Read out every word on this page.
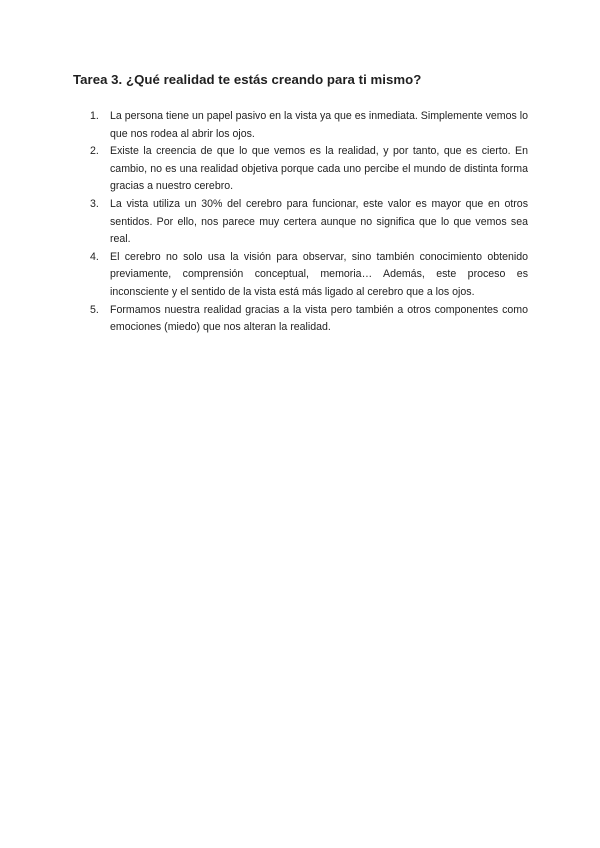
Tarea 3. ¿Qué realidad te estás creando para ti mismo?
1.	La persona tiene un papel pasivo en la vista ya que es inmediata. Simplemente vemos lo que nos rodea al abrir los ojos.
2.	Existe la creencia de que lo que vemos es la realidad, y por tanto, que es cierto. En cambio, no es una realidad objetiva porque cada uno percibe el mundo de distinta forma gracias a nuestro cerebro.
3.	La vista utiliza un 30% del cerebro para funcionar, este valor es mayor que en otros sentidos. Por ello, nos parece muy certera aunque no significa que lo que vemos sea real.
4.	El cerebro no solo usa la visión para observar, sino también conocimiento obtenido previamente, comprensión conceptual, memoria… Además, este proceso es inconsciente y el sentido de la vista está más ligado al cerebro que a los ojos.
5.	Formamos nuestra realidad gracias a la vista pero también a otros componentes como emociones (miedo) que nos alteran la realidad.
